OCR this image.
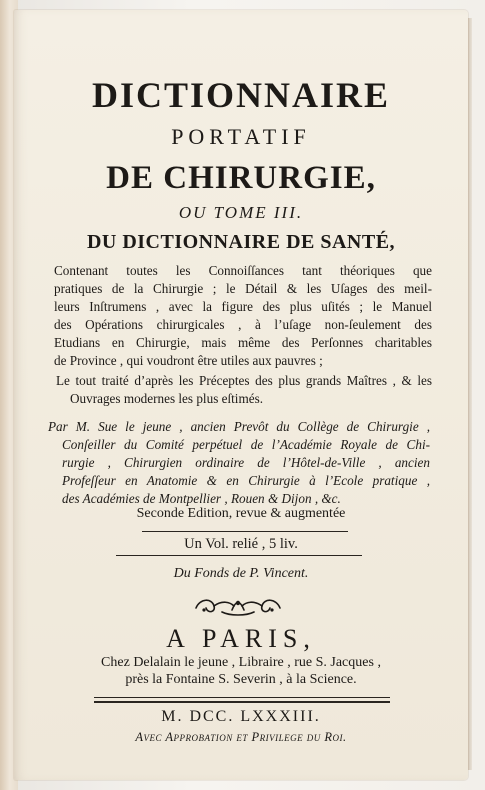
DICTIONNAIRE
PORTATIF
DE CHIRURGIE,
OU TOME III.
DU DICTIONNAIRE DE SANTÉ,
Contenant toutes les Connoiſſances tant théoriques que
pratiques de la Chirurgie ; le Détail & les Uſages des meil-
leurs Inſtrumens , avec la figure des plus uſités ; le Manuel
des Opérations chirurgicales , à l’uſage non-ſeulement des
Etudians en Chirurgie, mais même des Perſonnes charitables
de Province , qui voudront être utiles aux pauvres ;
Le tout traité d’après les Préceptes des plus grands Maîtres , & les
Ouvrages modernes les plus eſtimés.
Par M. Sue le jeune , ancien Prevôt du Collège de Chirurgie ,
Conſeiller du Comité perpétuel de l’Académie Royale de Chi-
rurgie , Chirurgien ordinaire de l’Hôtel-de-Ville , ancien
Profeſſeur en Anatomie & en Chirurgie à l’Ecole pratique ,
des Académies de Montpellier , Rouen & Dijon , &c.
Seconde Edition, revue & augmentée
Un Vol. relié , 5 liv.
Du Fonds de P. Vincent.
A PARIS,
Chez Delalain le jeune , Libraire , rue S. Jacques ,
près la Fontaine S. Severin , à la Science.
M. DCC. LXXXIII.
Avec Approbation et Privilege du Roi.
